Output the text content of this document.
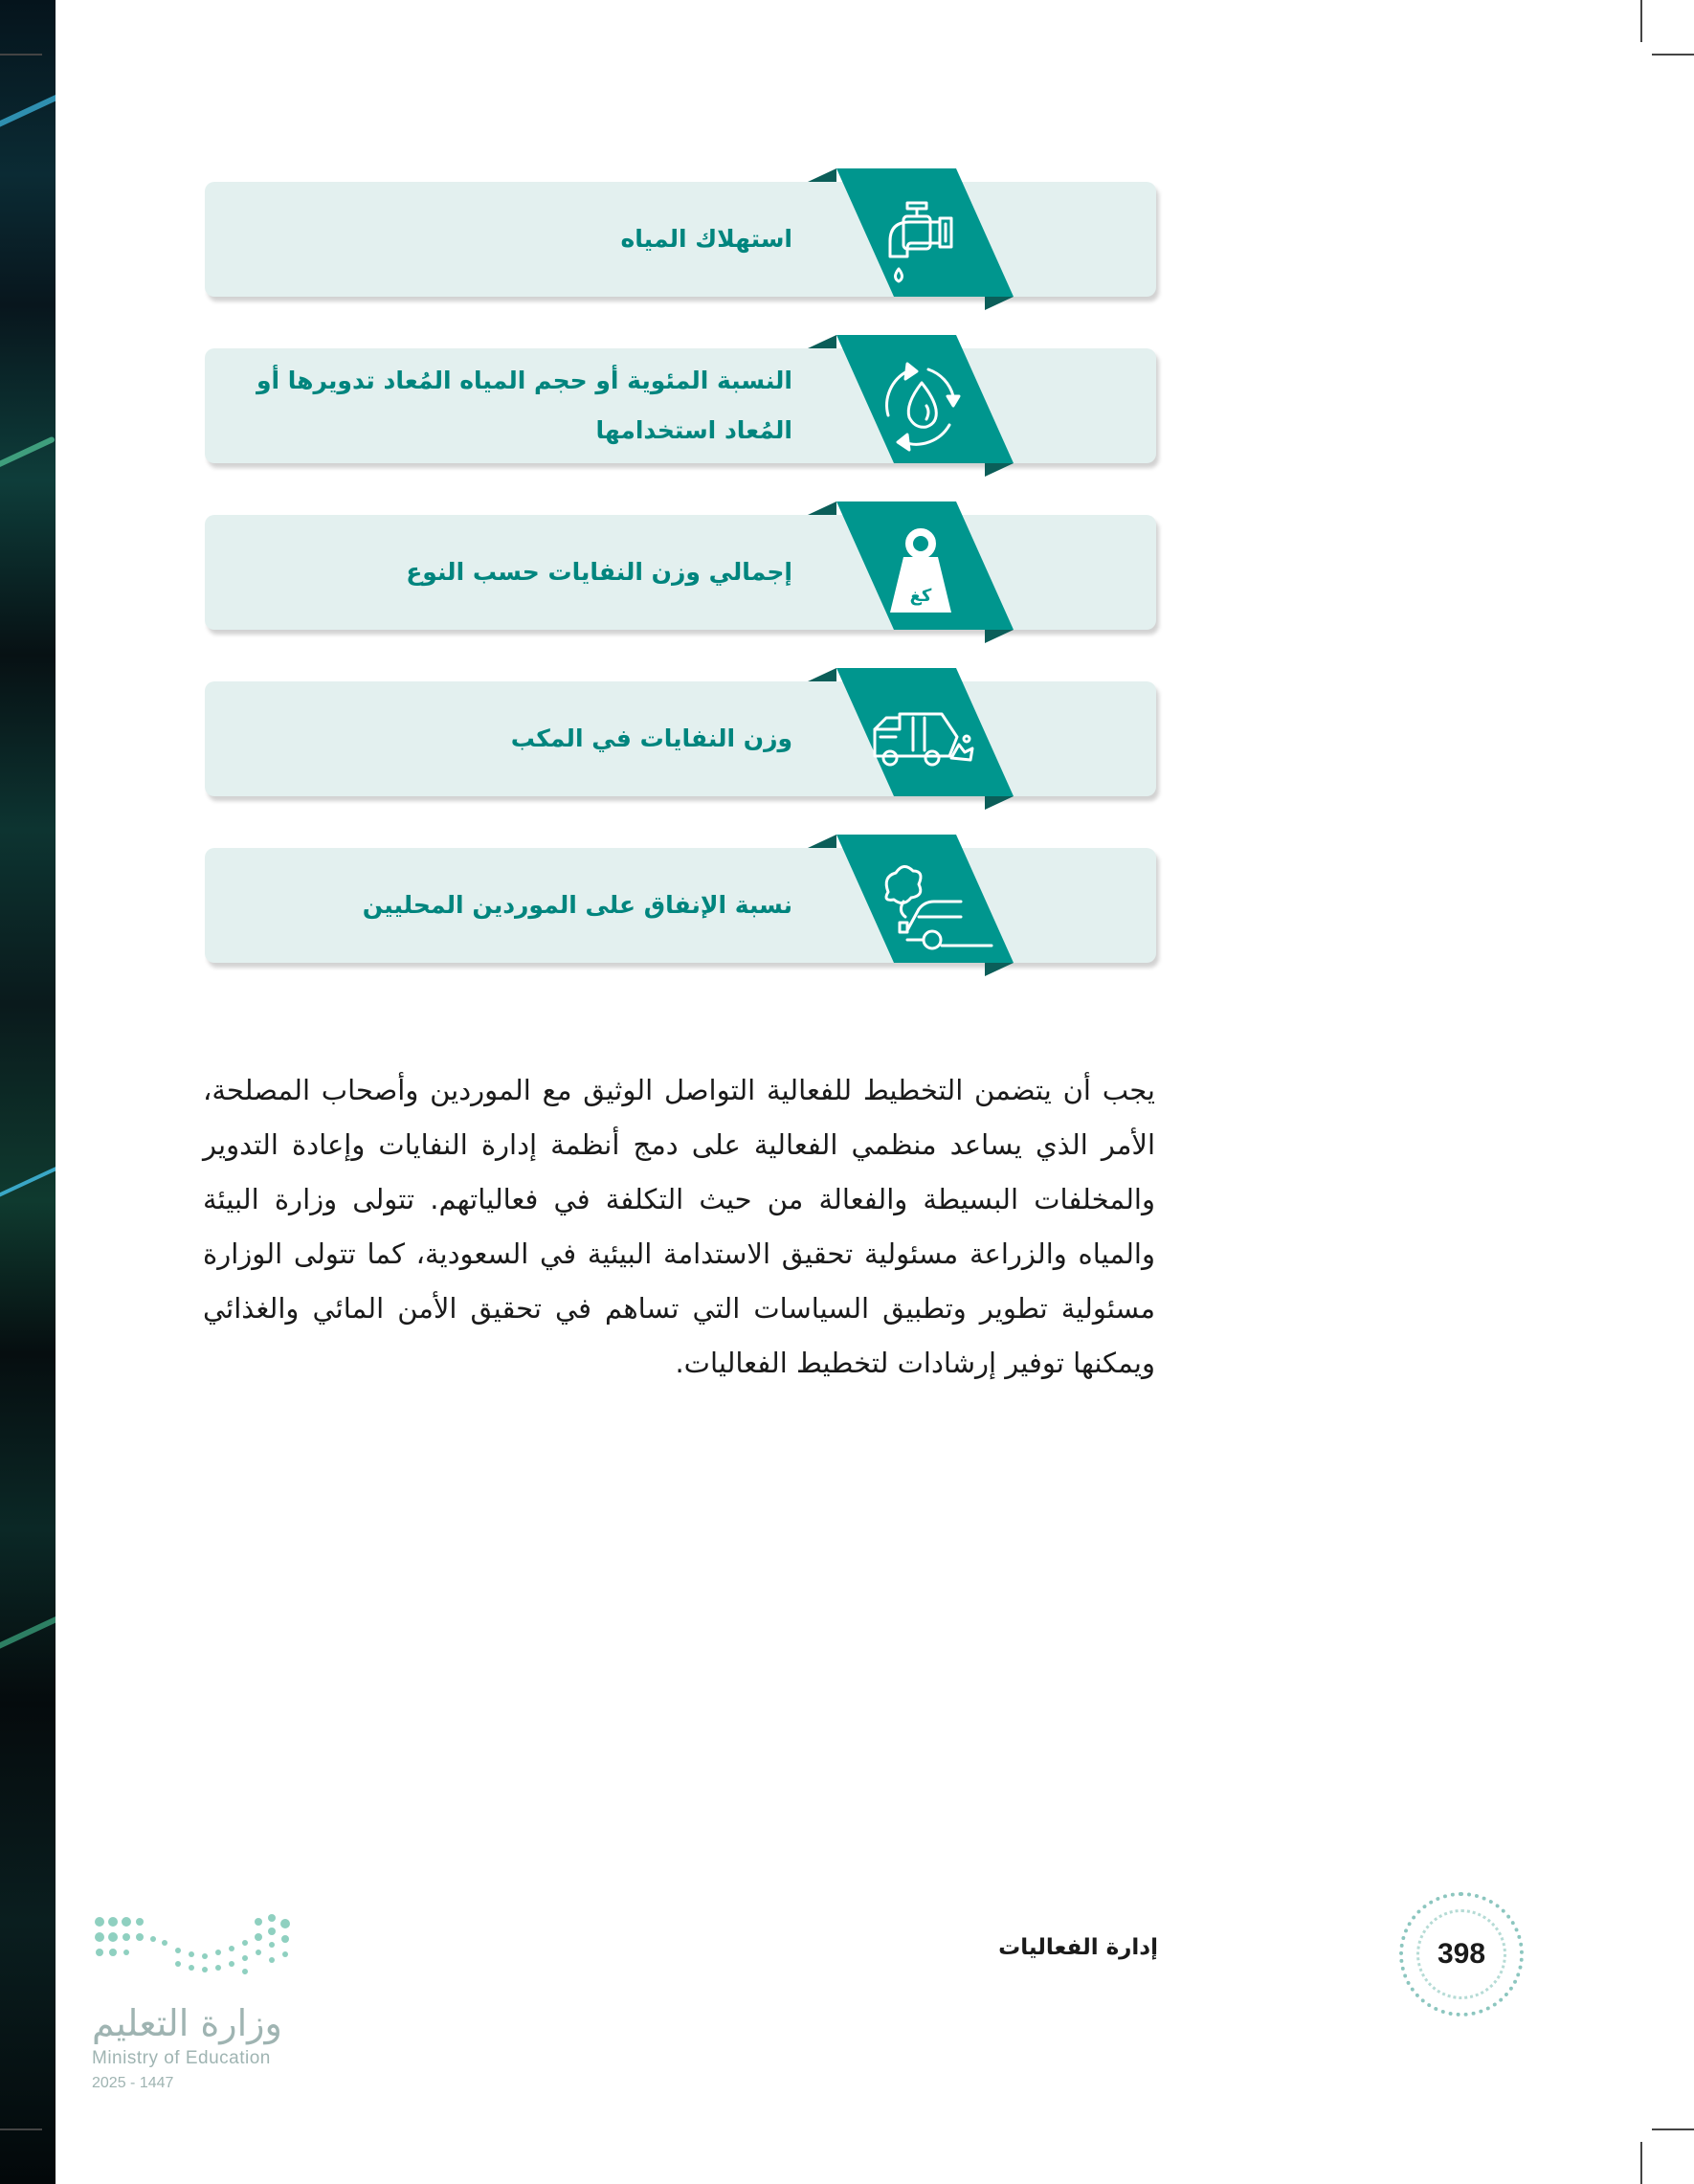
استهلاك المياه
النسبة المئوية أو حجم المياه المُعاد تدويرها أو المُعاد استخدامها
كغ
إجمالي وزن النفايات حسب النوع
وزن النفايات في المكب
نسبة الإنفاق على الموردين المحليين

يجب أن يتضمن التخطيط للفعالية التواصل الوثيق مع الموردين وأصحاب المصلحة، الأمر الذي يساعد منظمي الفعالية على دمج أنظمة إدارة النفايات وإعادة التدوير والمخلفات البسيطة والفعالة من حيث التكلفة في فعالياتهم. تتولى وزارة البيئة والمياه والزراعة مسئولية تحقيق الاستدامة البيئية في السعودية، كما تتولى الوزارة مسئولية تطوير وتطبيق السياسات التي تساهم في تحقيق الأمن المائي والغذائي ويمكنها توفير إرشادات لتخطيط الفعاليات.

398
إدارة الفعاليات
وزارة التعليم
Ministry of Education
2025 - 1447
